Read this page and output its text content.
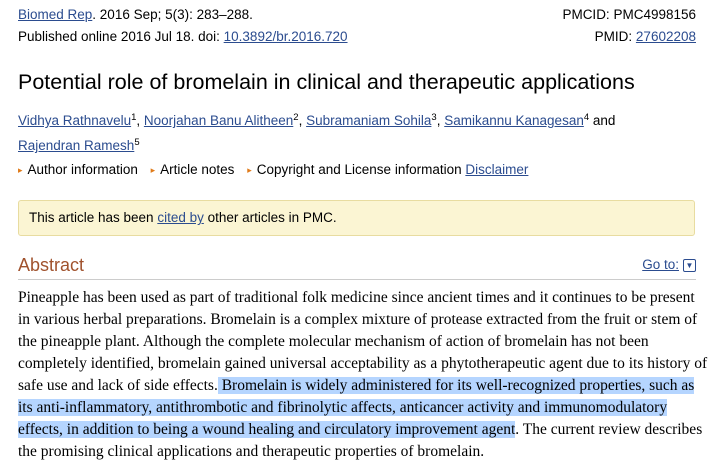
Biomed Rep. 2016 Sep; 5(3): 283–288.	PMCID: PMC4998156
Published online 2016 Jul 18. doi: 10.3892/br.2016.720	PMID: 27602208
Potential role of bromelain in clinical and therapeutic applications
Vidhya Rathnavelu$^1$, Noorjahan Banu Alitheen$^2$, Subramaniam Sohila$^3$, Samikannu Kanagesan$^4$ and
Rajendran Ramesh$^5$
▸ Author information ▸ Article notes ▸ Copyright and License information Disclaimer
This article has been cited by other articles in PMC.
Abstract	Go to: ▼
Pineapple has been used as part of traditional folk medicine since ancient times and it continues to be present in various herbal preparations. Bromelain is a complex mixture of protease extracted from the fruit or stem of the pineapple plant. Although the complete molecular mechanism of action of bromelain has not been completely identified, bromelain gained universal acceptability as a phytotherapeutic agent due to its history of safe use and lack of side effects. Bromelain is widely administered for its well-recognized properties, such as its anti-inflammatory, antithrombotic and fibrinolytic affects, anticancer activity and immunomodulatory effects, in addition to being a wound healing and circulatory improvement agent. The current review describes the promising clinical applications and therapeutic properties of bromelain.
